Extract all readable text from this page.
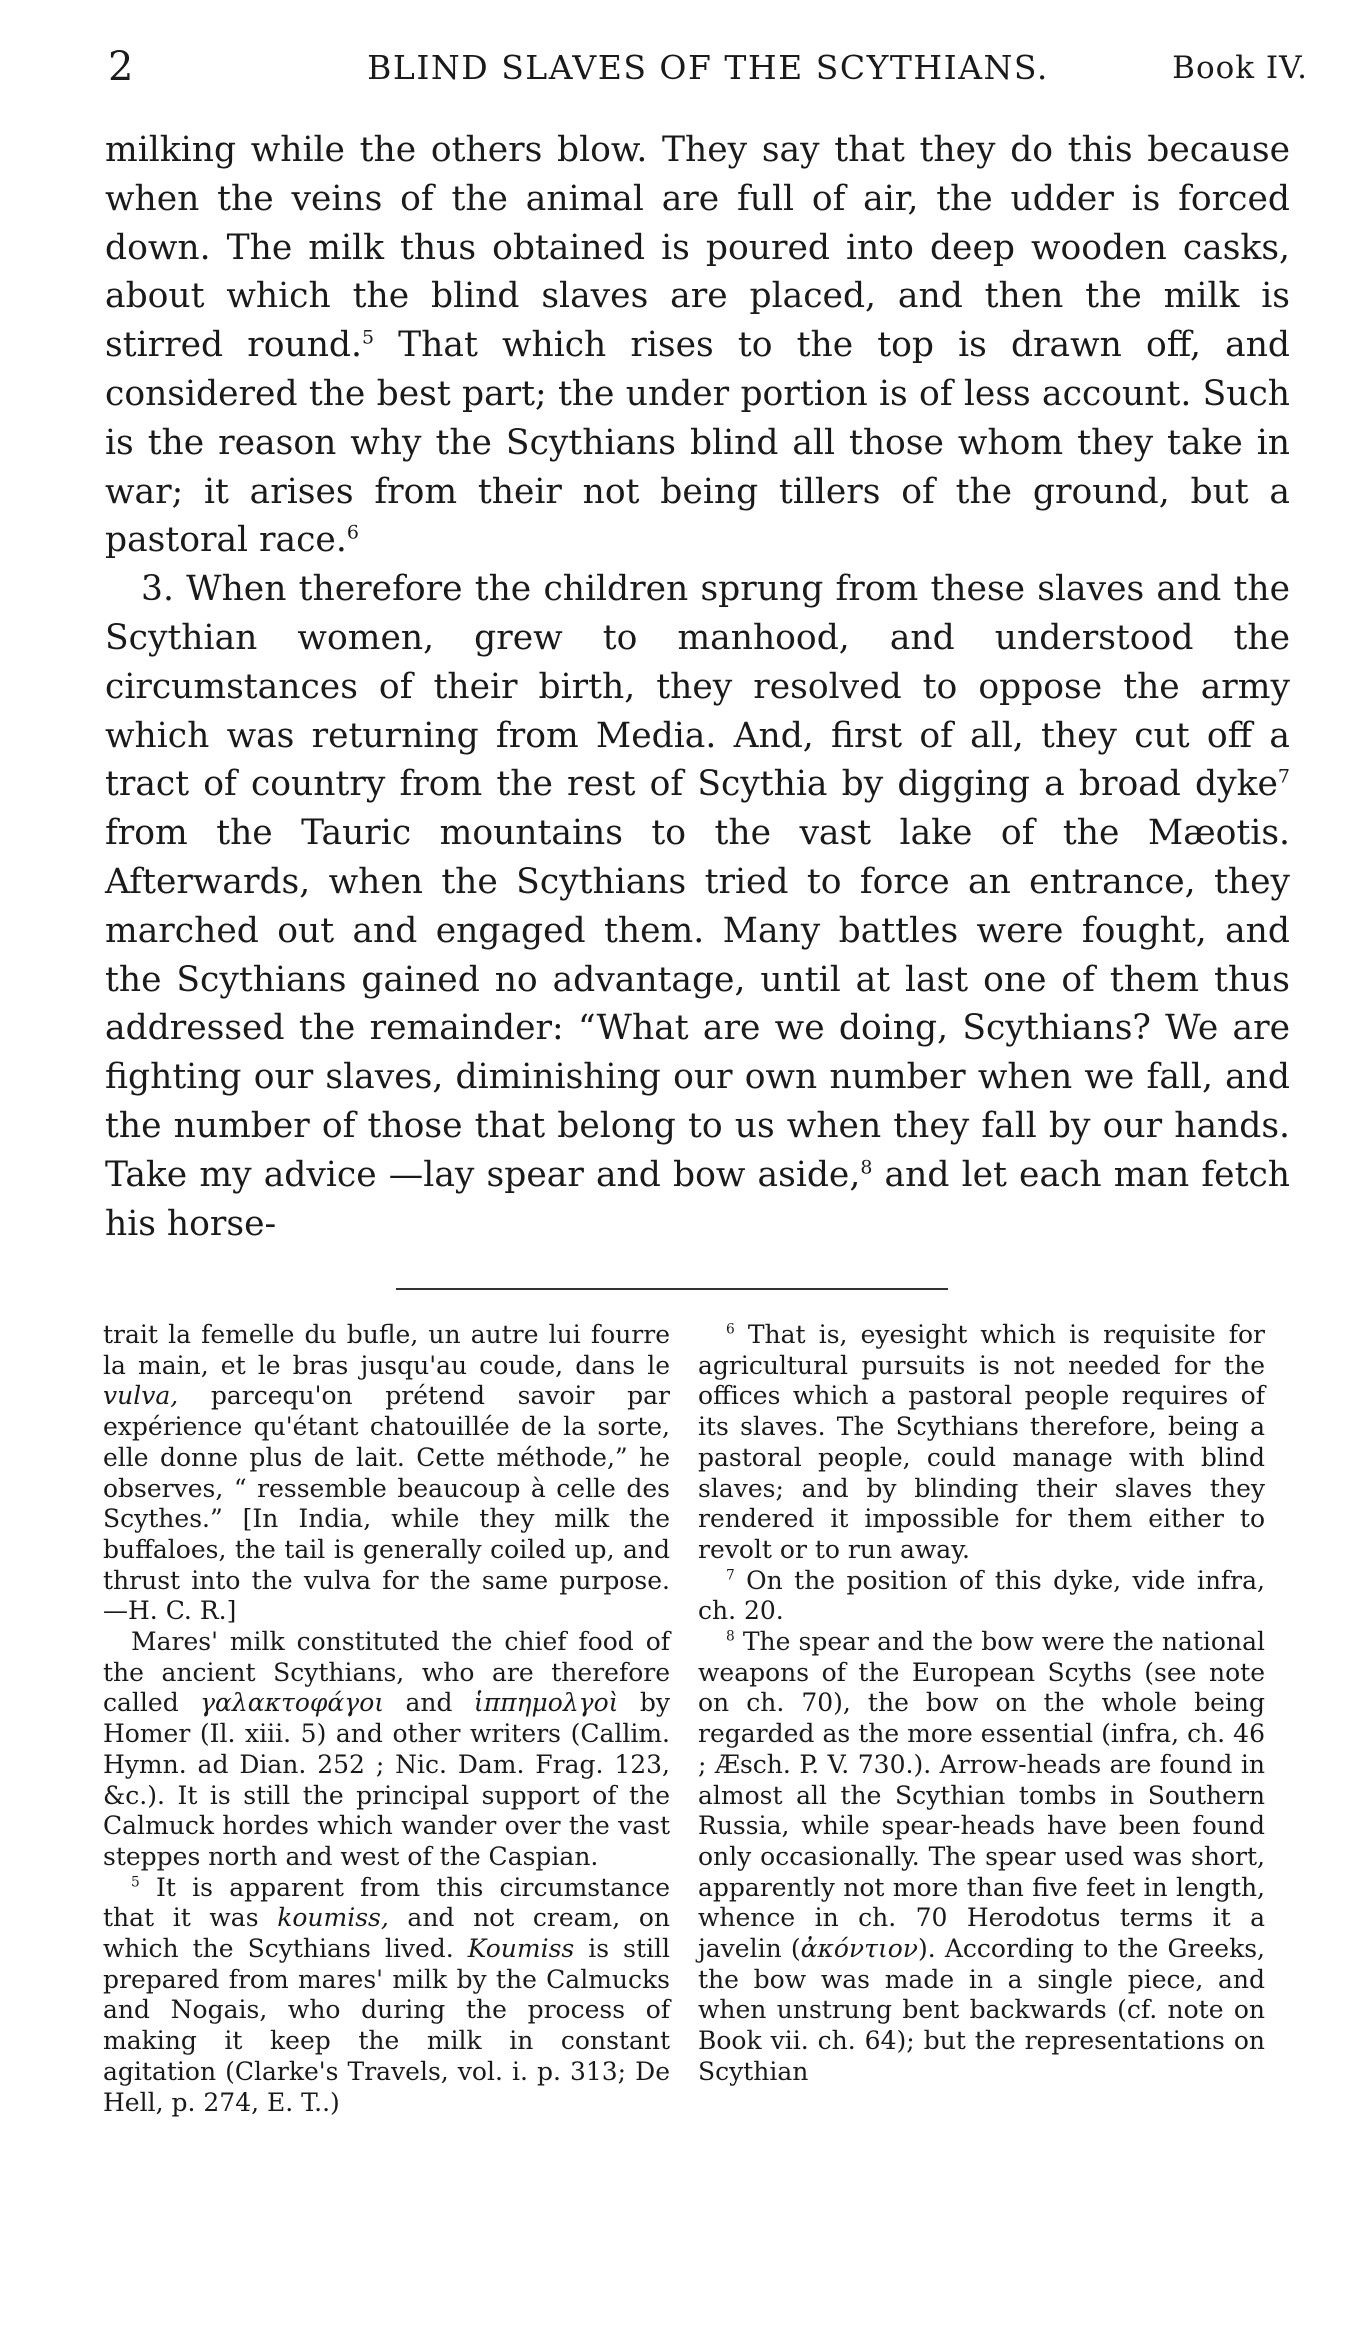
2	BLIND SLAVES OF THE SCYTHIANS.	Book IV.

milking while the others blow. They say that they do this because when the veins of the animal are full of air, the udder is forced down. The milk thus obtained is poured into deep wooden casks, about which the blind slaves are placed, and then the milk is stirred round.$^5$ That which rises to the top is drawn off, and considered the best part; the under portion is of less account. Such is the reason why the Scythians blind all those whom they take in war; it arises from their not being tillers of the ground, but a pastoral race.$^6$

3. When therefore the children sprung from these slaves and the Scythian women, grew to manhood, and understood the circumstances of their birth, they resolved to oppose the army which was returning from Media. And, first of all, they cut off a tract of country from the rest of Scythia by digging a broad dyke$^7$ from the Tauric mountains to the vast lake of the Mæotis. Afterwards, when the Scythians tried to force an entrance, they marched out and engaged them. Many battles were fought, and the Scythians gained no advantage, until at last one of them thus addressed the remainder: “What are we doing, Scythians? We are fighting our slaves, diminishing our own number when we fall, and the number of those that belong to us when they fall by our hands. Take my advice —lay spear and bow aside,$^8$ and let each man fetch his horse-

trait la femelle du bufle, un autre lui fourre la main, et le bras jusqu'au coude, dans le vulva, parcequ'on prétend savoir par expérience qu'étant chatouillée de la sorte, elle donne plus de lait. Cette méthode,” he observes, “ ressemble beaucoup à celle des Scythes.” [In India, while they milk the buffaloes, the tail is generally coiled up, and thrust into the vulva for the same purpose.—H. C. R.]

Mares' milk constituted the chief food of the ancient Scythians, who are therefore called γαλακτοφάγοι and ἱππημολγοὶ by Homer (Il. xiii. 5) and other writers (Callim. Hymn. ad Dian. 252 ; Nic. Dam. Frag. 123, &c.). It is still the principal support of the Calmuck hordes which wander over the vast steppes north and west of the Caspian.

$^5$ It is apparent from this circumstance that it was koumiss, and not cream, on which the Scythians lived. Koumiss is still prepared from mares' milk by the Calmucks and Nogais, who during the process of making it keep the milk in constant agitation (Clarke's Travels, vol. i. p. 313; De Hell, p. 274, E. T..)

$^6$ That is, eyesight which is requisite for agricultural pursuits is not needed for the offices which a pastoral people requires of its slaves. The Scythians therefore, being a pastoral people, could manage with blind slaves; and by blinding their slaves they rendered it impossible for them either to revolt or to run away.

$^7$ On the position of this dyke, vide infra, ch. 20.

$^8$ The spear and the bow were the national weapons of the European Scyths (see note on ch. 70), the bow on the whole being regarded as the more essential (infra, ch. 46 ; Æsch. P. V. 730.). Arrow-heads are found in almost all the Scythian tombs in Southern Russia, while spear-heads have been found only occasionally. The spear used was short, apparently not more than five feet in length, whence in ch. 70 Herodotus terms it a javelin (ἀκόντιον). According to the Greeks, the bow was made in a single piece, and when unstrung bent backwards (cf. note on Book vii. ch. 64); but the representations on Scythian
